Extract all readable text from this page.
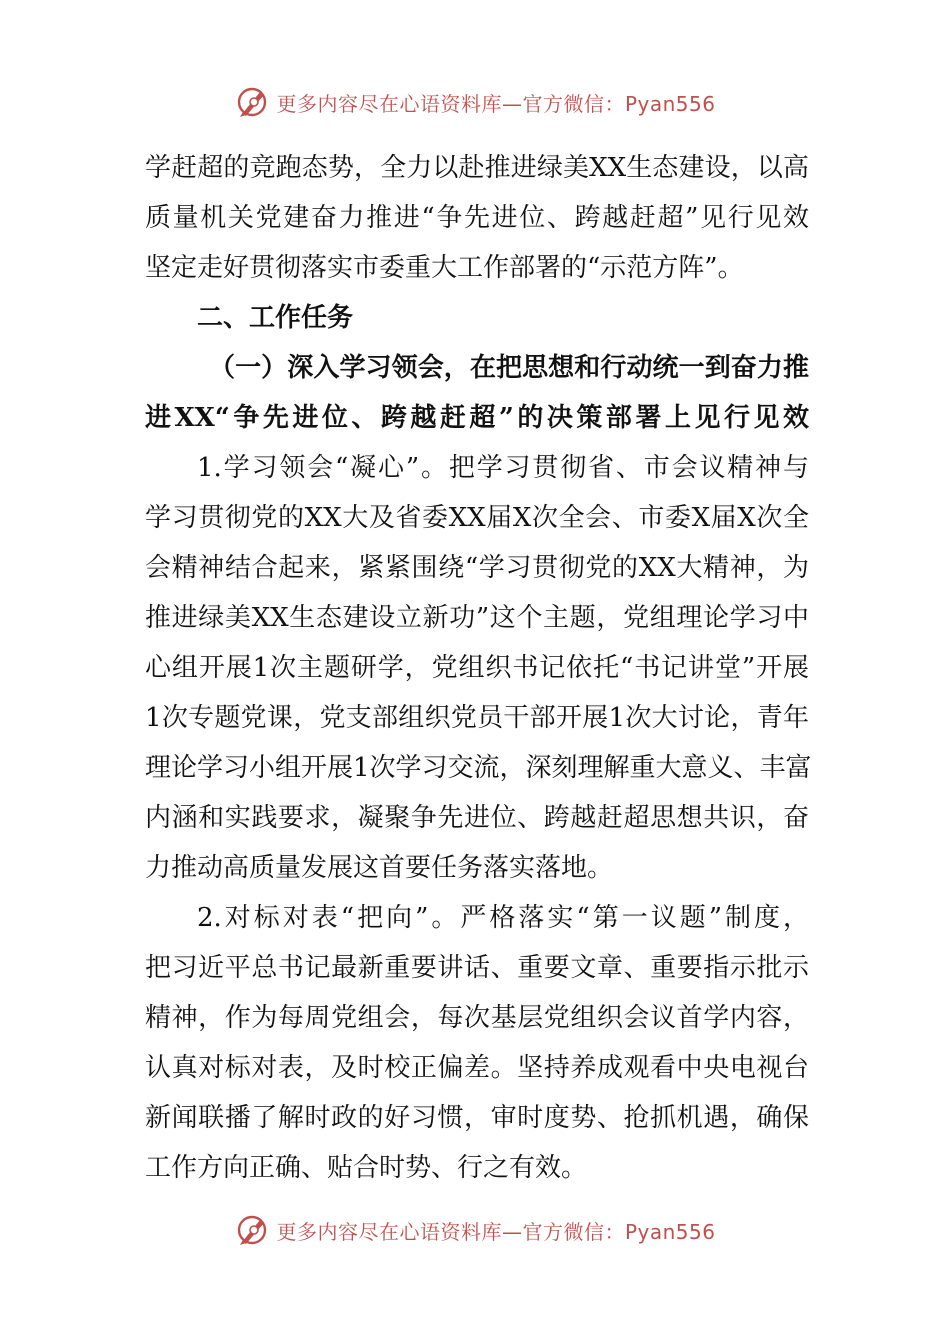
更多内容尽在心语资料库—官方微信：Pyan556
学赶超的竞跑态势，全力以赴推进绿美XX生态建设，以高
质量机关党建奋力推进“争先进位、跨越赶超”见行见效
坚定走好贯彻落实市委重大工作部署的“示范方阵”。
二、工作任务
（一）深入学习领会，在把思想和行动统一到奋力推
进XX“争先进位、跨越赶超”的决策部署上见行见效
1.学习领会“凝心”。把学习贯彻省、市会议精神与
学习贯彻党的XX大及省委XX届X次全会、市委X届X次全
会精神结合起来，紧紧围绕“学习贯彻党的XX大精神，为
推进绿美XX生态建设立新功”这个主题，党组理论学习中
心组开展1次主题研学，党组织书记依托“书记讲堂”开展
1次专题党课，党支部组织党员干部开展1次大讨论，青年
理论学习小组开展1次学习交流，深刻理解重大意义、丰富
内涵和实践要求，凝聚争先进位、跨越赶超思想共识，奋
力推动高质量发展这首要任务落实落地。
2.对标对表“把向”。严格落实“第一议题”制度，
把习近平总书记最新重要讲话、重要文章、重要指示批示
精神，作为每周党组会，每次基层党组织会议首学内容，
认真对标对表，及时校正偏差。坚持养成观看中央电视台
新闻联播了解时政的好习惯，审时度势、抢抓机遇，确保
工作方向正确、贴合时势、行之有效。
更多内容尽在心语资料库—官方微信：Pyan556
